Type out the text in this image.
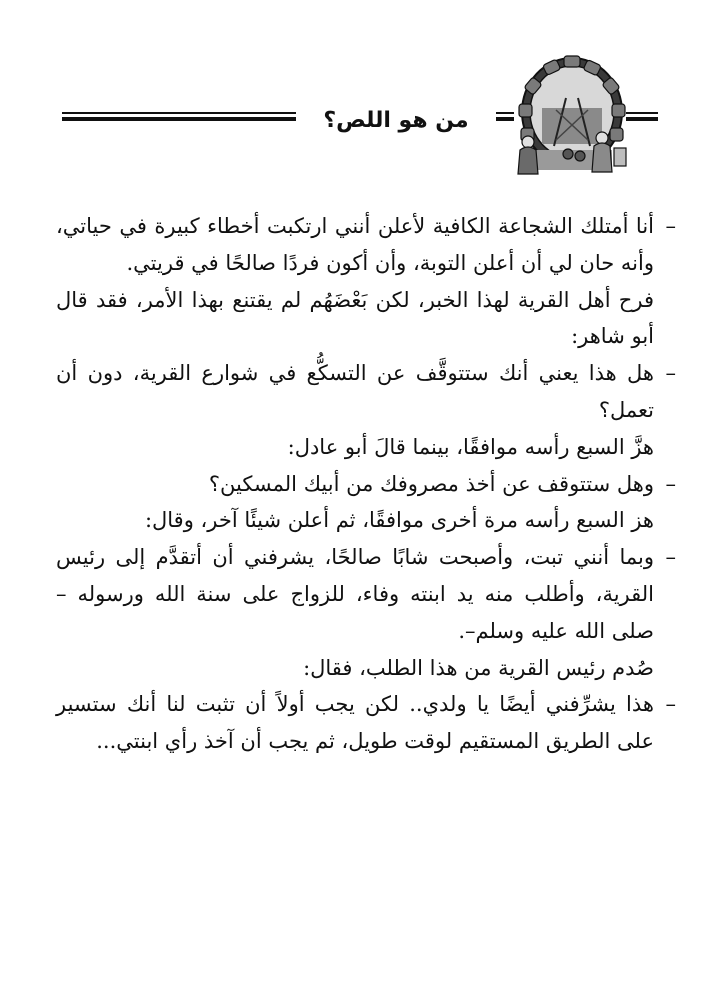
من هو اللص؟

–
أنا أمتلك الشجاعة الكافية لأعلن أنني ارتكبت أخطاء كبيرة في حياتي، وأنه حان لي أن أعلن التوبة، وأن أكون فردًا صالحًا في قريتي.

فرح أهل القرية لهذا الخبر، لكن بَعْضَهُم لم يقتنع بهذا الأمر، فقد قال أبو شاهر:

–
هل هذا يعني أنك ستتوقَّف عن التسكُّع في شوارع القرية، دون أن تعمل؟

هزَّ السبع رأسه موافقًا، بينما قالَ أبو عادل:

–
وهل ستتوقف عن أخذ مصروفك من أبيك المسكين؟

هز السبع رأسه مرة أخرى موافقًا، ثم أعلن شيئًا آخر، وقال:

–
وبما أنني تبت، وأصبحت شابًا صالحًا، يشرفني أن أتقدَّم إلى رئيس القرية، وأطلب منه يد ابنته وفاء، للزواج على سنة الله ورسوله – صلى الله عليه وسلم–.

صُدم رئيس القرية من هذا الطلب، فقال:

–
هذا يشرِّفني أيضًا يا ولدي.. لكن يجب أولاً أن تثبت لنا أنك ستسير على الطريق المستقيم لوقت طويل، ثم يجب أن آخذ رأي ابنتي...
